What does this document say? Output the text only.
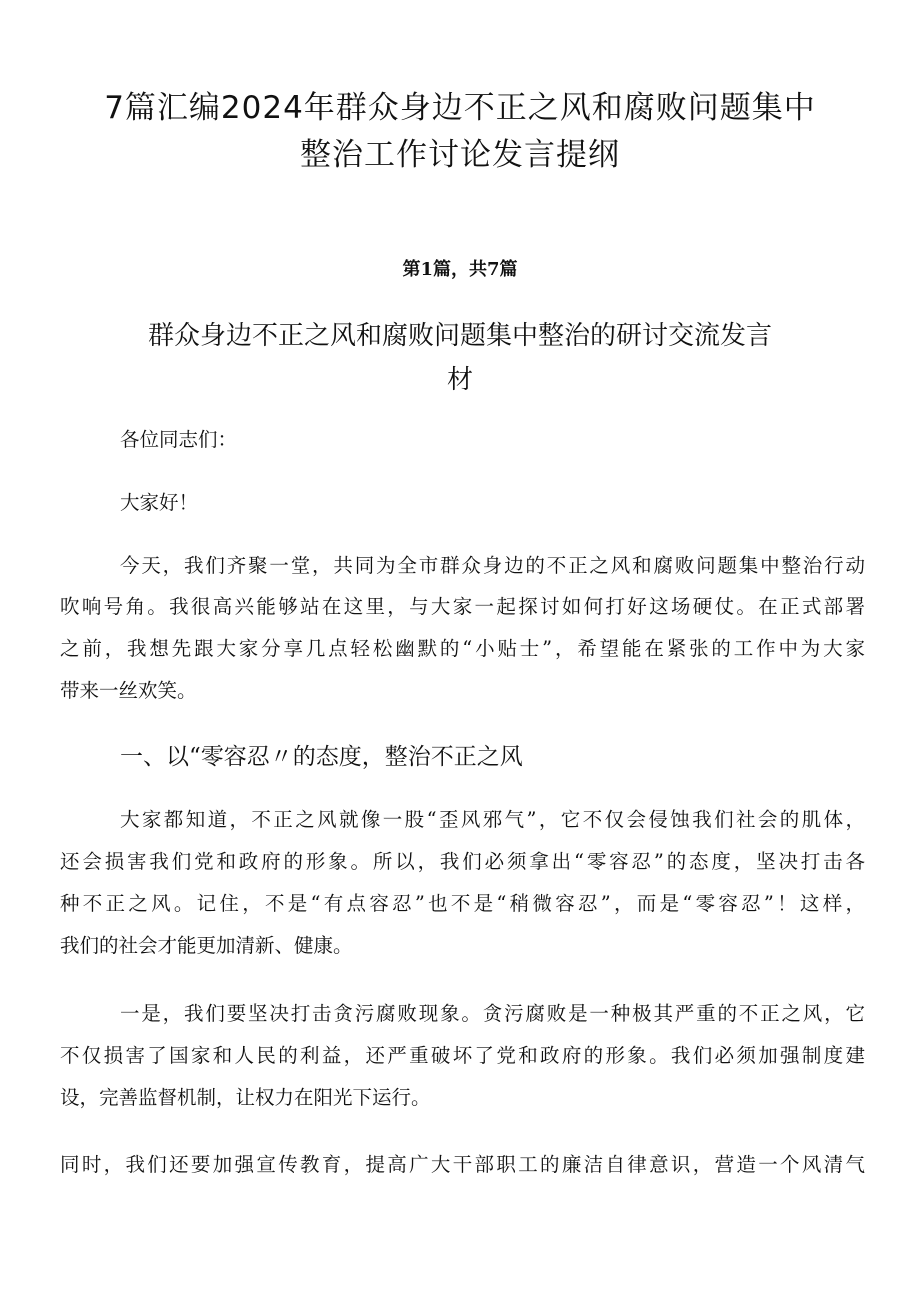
7篇汇编2024年群众身边不正之风和腐败问题集中
整治工作讨论发言提纲

第1篇，共7篇

群众身边不正之风和腐败问题集中整治的研讨交流发言
材

各位同志们：

大家好！

今天，我们齐聚一堂，共同为全市群众身边的不正之风和腐败问题集中整治行动

吹响号角。我很高兴能够站在这里，与大家一起探讨如何打好这场硬仗。在正式部署

之前，我想先跟大家分享几点轻松幽默的“小贴士”，希望能在紧张的工作中为大家

带来一丝欢笑。

一、以“零容忍〃的态度，整治不正之风

大家都知道，不正之风就像一股“歪风邪气”，它不仅会侵蚀我们社会的肌体，

还会损害我们党和政府的形象。所以，我们必须拿出“零容忍”的态度，坚决打击各

种不正之风。记住，不是“有点容忍”也不是“稍微容忍”，而是“零容忍”！这样，

我们的社会才能更加清新、健康。

一是，我们要坚决打击贪污腐败现象。贪污腐败是一种极其严重的不正之风，它

不仅损害了国家和人民的利益，还严重破坏了党和政府的形象。我们必须加强制度建

设，完善监督机制，让权力在阳光下运行。

同时，我们还要加强宣传教育，提高广大干部职工的廉洁自律意识，营造一个风清气
